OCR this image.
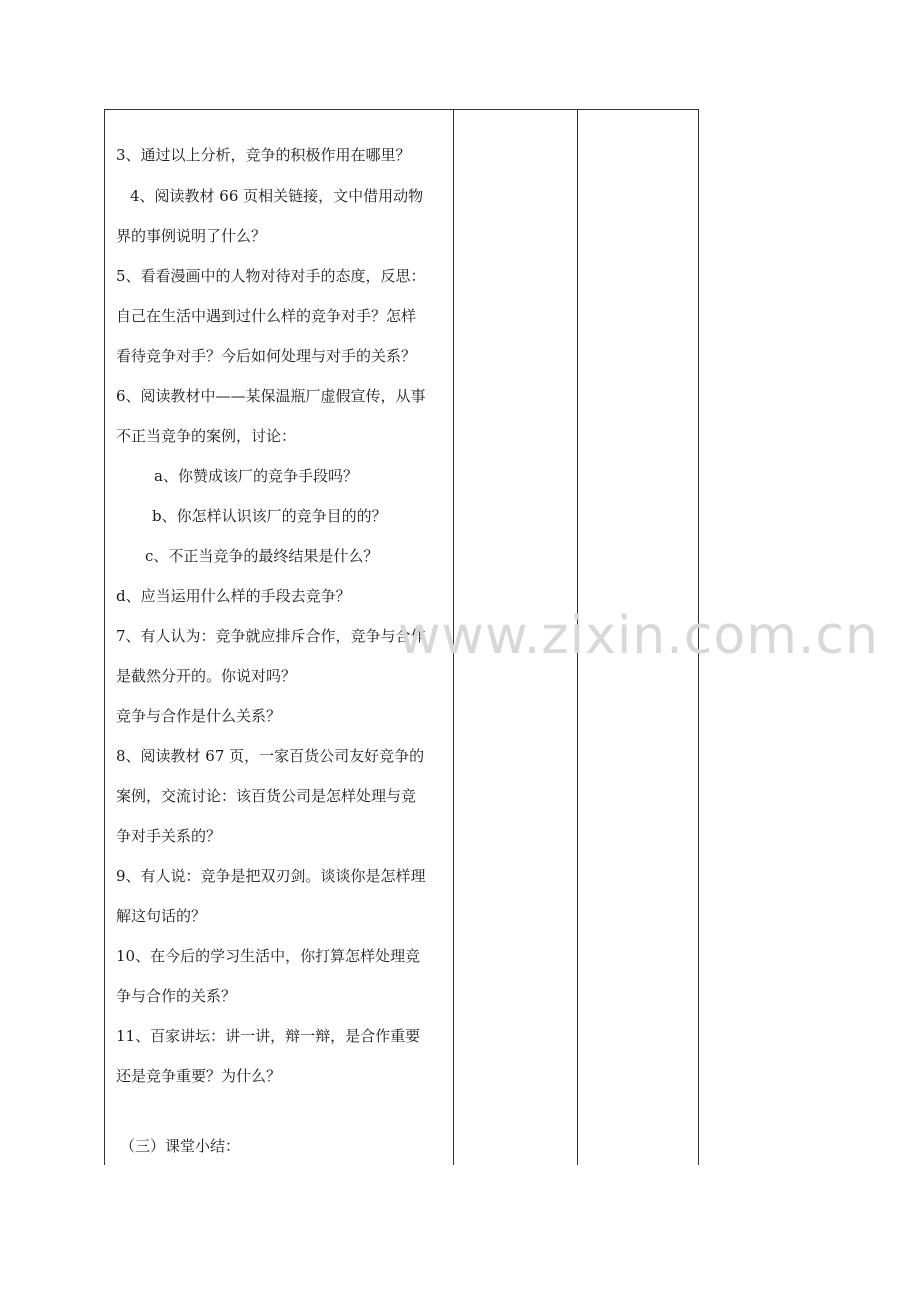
3、通过以上分析，竞争的积极作用在哪里？
4、阅读教材 66 页相关链接，文中借用动物
界的事例说明了什么？
5、看看漫画中的人物对待对手的态度，反思：
自己在生活中遇到过什么样的竞争对手？怎样
看待竞争对手？今后如何处理与对手的关系？
6、阅读教材中——某保温瓶厂虚假宣传，从事
不正当竞争的案例，讨论：
a、你赞成该厂的竞争手段吗？
b、你怎样认识该厂的竞争目的的？
c、不正当竞争的最终结果是什么？
d、应当运用什么样的手段去竞争？
7、有人认为：竞争就应排斥合作，竞争与合作
是截然分开的。你说对吗？
竞争与合作是什么关系？
8、阅读教材 67 页，一家百货公司友好竞争的
案例，交流讨论：该百货公司是怎样处理与竞
争对手关系的？
9、有人说：竞争是把双刃剑。谈谈你是怎样理
解这句话的？
10、在今后的学习生活中，你打算怎样处理竞
争与合作的关系？
11、百家讲坛：讲一讲，辩一辩，是合作重要
还是竞争重要？为什么？
（三）课堂小结：
www.zixin.com.cn
